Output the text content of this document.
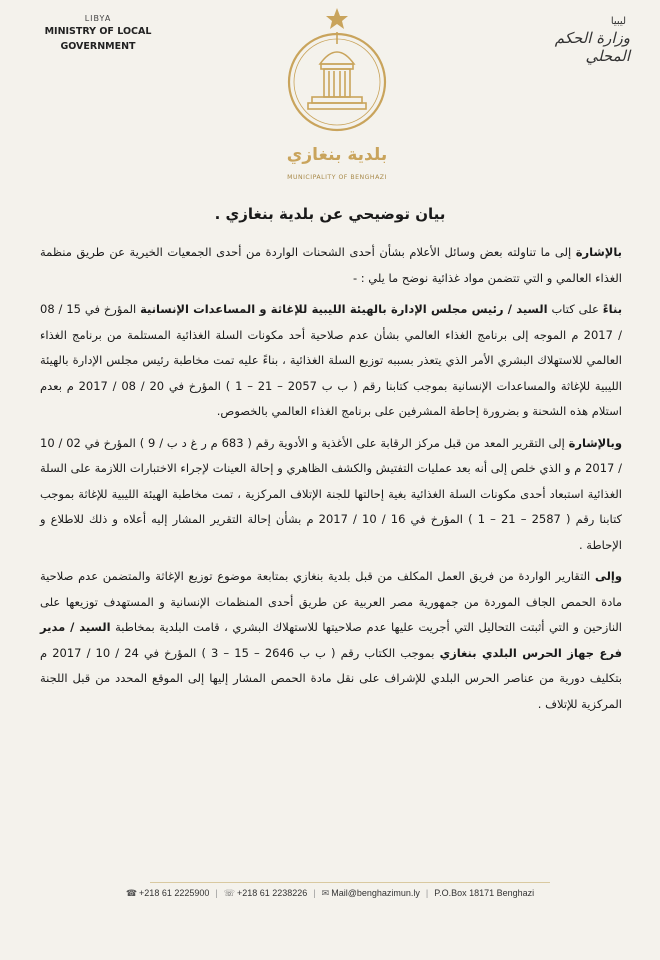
LIBYA
MINISTRY OF LOCAL
GOVERNMENT
ليبيا
وزارة الحكم المحلي
بلدية بنغازي
MUNICIPALITY OF BENGHAZI
بيان توضيحي عن بلدية بنغازي .

بالإشارة إلى ما تناولته بعض وسائل الأعلام بشأن أحدى الشحنات الواردة من أحدى الجمعيات الخيرية عن طريق منظمة الغذاء العالمي و التي تتضمن مواد غذائية نوضح ما يلي : -

بناءً على كتاب السيد / رئيس مجلس الإدارة بالهيئة الليبية للإغاثة و المساعدات الإنسانية المؤرخ في 15 / 08 / 2017 م الموجه إلى برنامج الغذاء العالمي بشأن عدم صلاحية أحد مكونات السلة الغذائية المستلمة من برنامج الغذاء العالمي للاستهلاك البشري الأمر الذي يتعذر بسببه توزيع السلة الغذائية ، بناءً عليه تمت مخاطبة رئيس مجلس الإدارة بالهيئة الليبية للإغاثة والمساعدات الإنسانية بموجب كتابنا رقم ( ب ب 2057 – 21 – 1 ) المؤرخ في 20 / 08 / 2017 م بعدم استلام هذه الشحنة و بضرورة إحاطة المشرفين على برنامج الغذاء العالمي بالخصوص.

وبالإشارة إلى التقرير المعد من قبل مركز الرقابة على الأغذية و الأدوية رقم ( 683 م ر غ د ب / 9 ) المؤرخ في 02 / 10 / 2017 م و الذي خلص إلى أنه بعد عمليات التفتيش والكشف الظاهري و إحالة العينات لإجراء الاختبارات اللازمة على السلة الغذائية استبعاد أحدى مكونات السلة الغذائية بغية إحالتها للجنة الإتلاف المركزية ، تمت مخاطبة الهيئة الليبية للإغاثة بموجب كتابنا رقم ( 2587 – 21 – 1 ) المؤرخ في 16 / 10 / 2017 م بشأن إحالة التقرير المشار إليه أعلاه و ذلك للاطلاع و الإحاطة .

وإلى التقارير الواردة من فريق العمل المكلف من قبل بلدية بنغازي بمتابعة موضوع توزيع الإغاثة والمتضمن عدم صلاحية مادة الحمص الجاف الموردة من جمهورية مصر العربية عن طريق أحدى المنظمات الإنسانية و المستهدف توزيعها على النازحين و التي أثبتت التحاليل التي أجريت عليها عدم صلاحيتها للاستهلاك البشري ، قامت البلدية بمخاطبة السيد / مدير فرع جهاز الحرس البلدي بنغازي بموجب الكتاب رقم ( ب ب 2646 – 15 – 3 ) المؤرخ في 24 / 10 / 2017 م بتكليف دورية من عناصر الحرس البلدي للإشراف على نقل مادة الحمص المشار إليها إلى الموقع المحدد من قبل اللجنة المركزية للإتلاف .

☎ +218 61 2225900 | ☏ +218 61 2238226 | ✉ Mail@benghazimun.ly | P.O.Box 18171 Benghazi
